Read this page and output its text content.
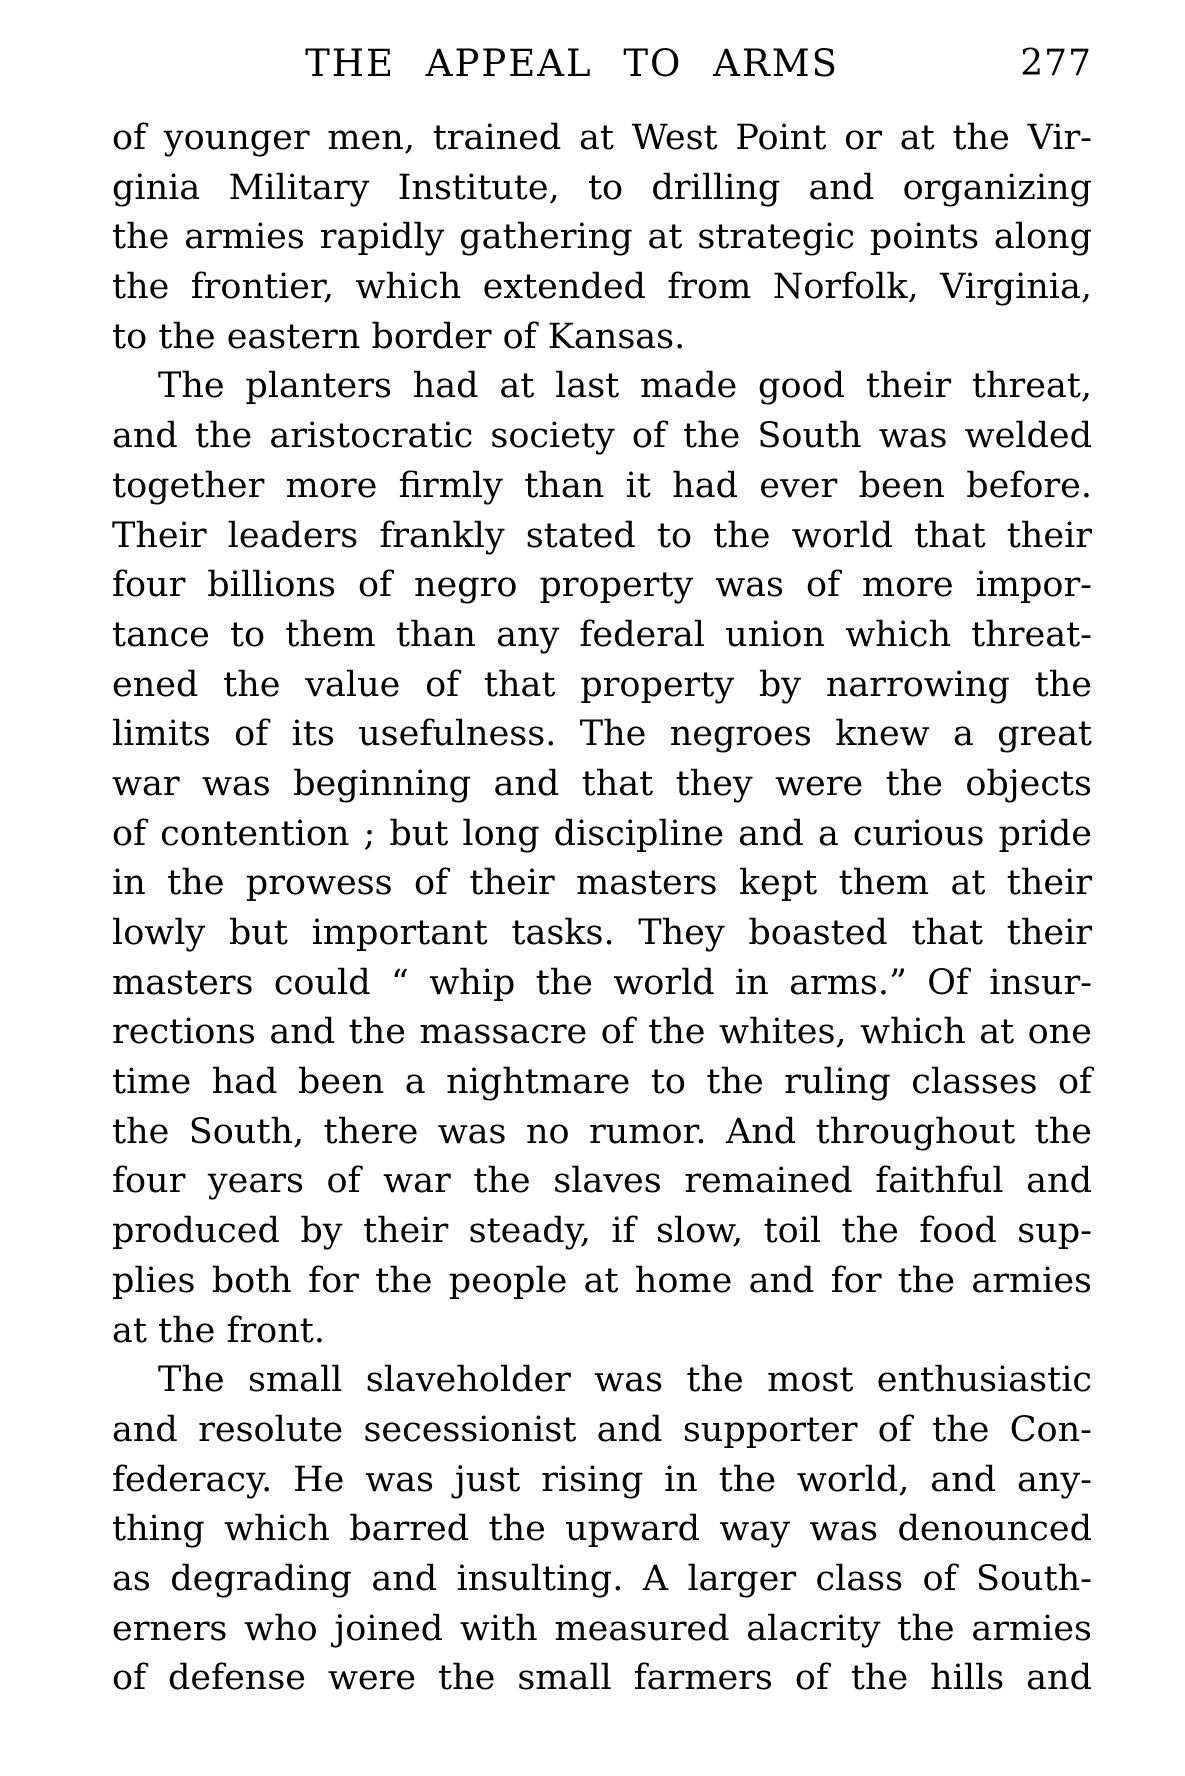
THE APPEAL TO ARMS	277
of younger men, trained at West Point or at the Vir-
ginia Military Institute, to drilling and organizing
the armies rapidly gathering at strategic points along
the frontier, which extended from Norfolk, Virginia,
to the eastern border of Kansas.
The planters had at last made good their threat,
and the aristocratic society of the South was welded
together more firmly than it had ever been before.
Their leaders frankly stated to the world that their
four billions of negro property was of more impor-
tance to them than any federal union which threat-
ened the value of that property by narrowing the
limits of its usefulness. The negroes knew a great
war was beginning and that they were the objects
of contention ; but long discipline and a curious pride
in the prowess of their masters kept them at their
lowly but important tasks. They boasted that their
masters could “ whip the world in arms.” Of insur-
rections and the massacre of the whites, which at one
time had been a nightmare to the ruling classes of
the South, there was no rumor. And throughout the
four years of war the slaves remained faithful and
produced by their steady, if slow, toil the food sup-
plies both for the people at home and for the armies
at the front.
The small slaveholder was the most enthusiastic
and resolute secessionist and supporter of the Con-
federacy. He was just rising in the world, and any-
thing which barred the upward way was denounced
as degrading and insulting. A larger class of South-
erners who joined with measured alacrity the armies
of defense were the small farmers of the hills and
